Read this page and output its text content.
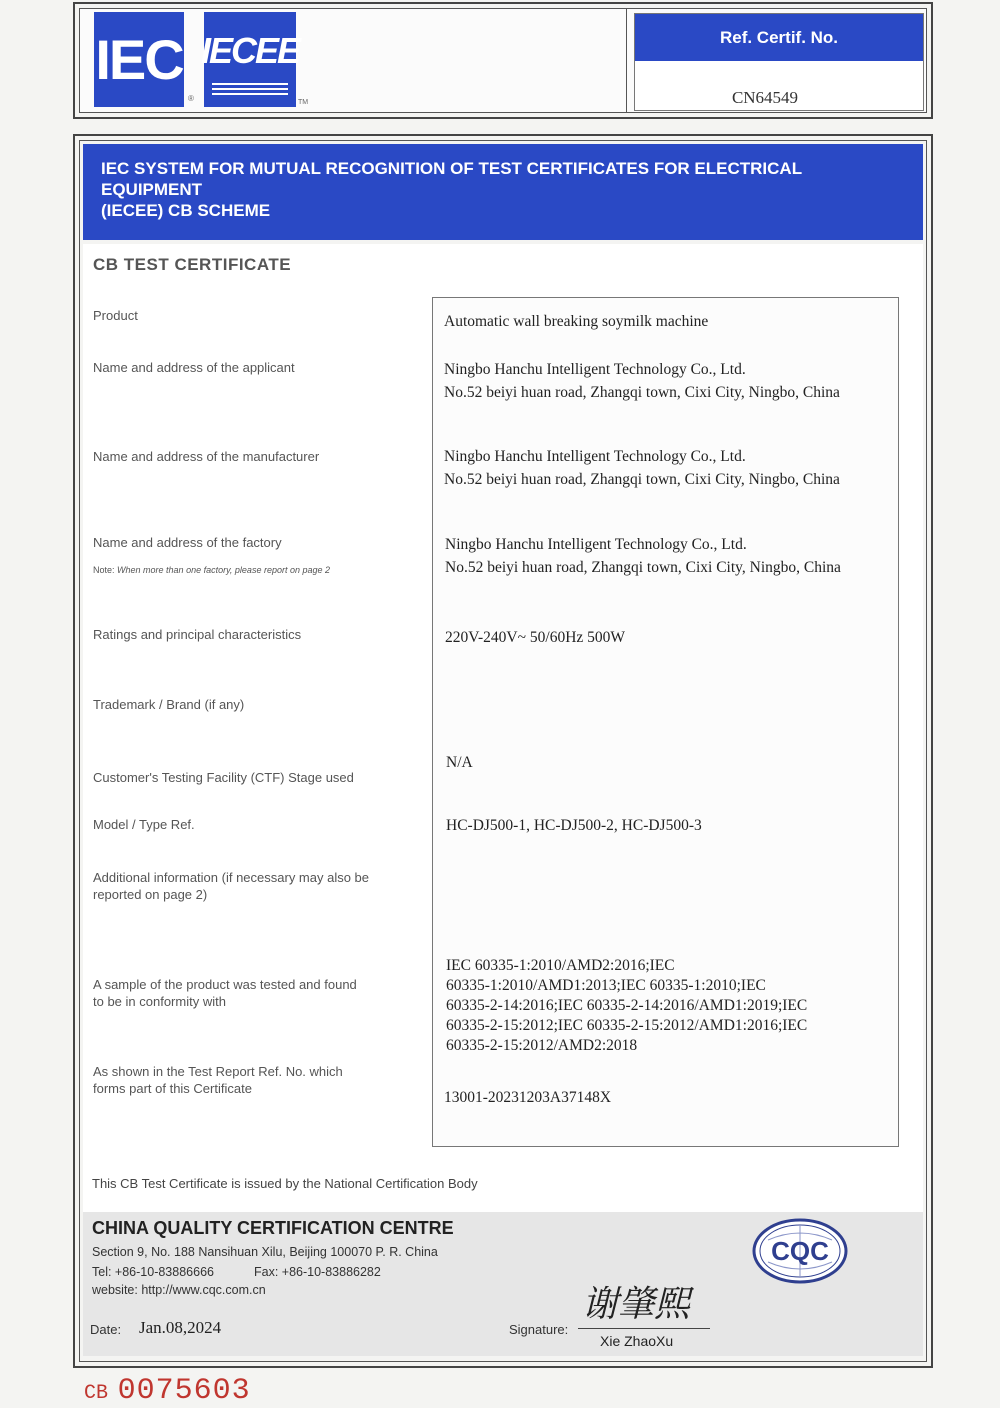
IEC
®
IECEE
TM
Ref. Certif. No.
CN64549
IEC SYSTEM FOR MUTUAL RECOGNITION OF TEST CERTIFICATES FOR ELECTRICAL EQUIPMENT
(IECEE) CB SCHEME
CB TEST CERTIFICATE
Product
Name and address of the applicant
Name and address of the manufacturer
Name and address of the factory
Note: When more than one factory, please report on page 2
Ratings and principal characteristics
Trademark / Brand (if any)
Customer's Testing Facility (CTF) Stage used
Model / Type Ref.
Additional information (if necessary may also be
reported on page 2)
A sample of the product was tested and found
to be in conformity with
As shown in the Test Report Ref. No. which
forms part of this Certificate
Automatic wall breaking soymilk machine
Ningbo Hanchu Intelligent Technology Co., Ltd.
No.52 beiyi huan road, Zhangqi town, Cixi City, Ningbo, China
Ningbo Hanchu Intelligent Technology Co., Ltd.
No.52 beiyi huan road, Zhangqi town, Cixi City, Ningbo, China
Ningbo Hanchu Intelligent Technology Co., Ltd.
No.52 beiyi huan road, Zhangqi town, Cixi City, Ningbo, China
220V-240V~ 50/60Hz 500W
N/A
HC-DJ500-1, HC-DJ500-2, HC-DJ500-3
IEC 60335-1:2010/AMD2:2016;IEC
60335-1:2010/AMD1:2013;IEC 60335-1:2010;IEC
60335-2-14:2016;IEC 60335-2-14:2016/AMD1:2019;IEC
60335-2-15:2012;IEC 60335-2-15:2012/AMD1:2016;IEC
60335-2-15:2012/AMD2:2018
13001-20231203A37148X
This CB Test Certificate is issued by the National Certification Body
CHINA QUALITY CERTIFICATION CENTRE
Section 9, No. 188 Nansihuan Xilu, Beijing 100070 P. R. China
Tel: +86-10-83886666	Fax: +86-10-83886282
website: http://www.cqc.com.cn
CQC
Date: Jan.08,2024	Signature:
谢肇熙
Xie ZhaoXu
CB 0075603
